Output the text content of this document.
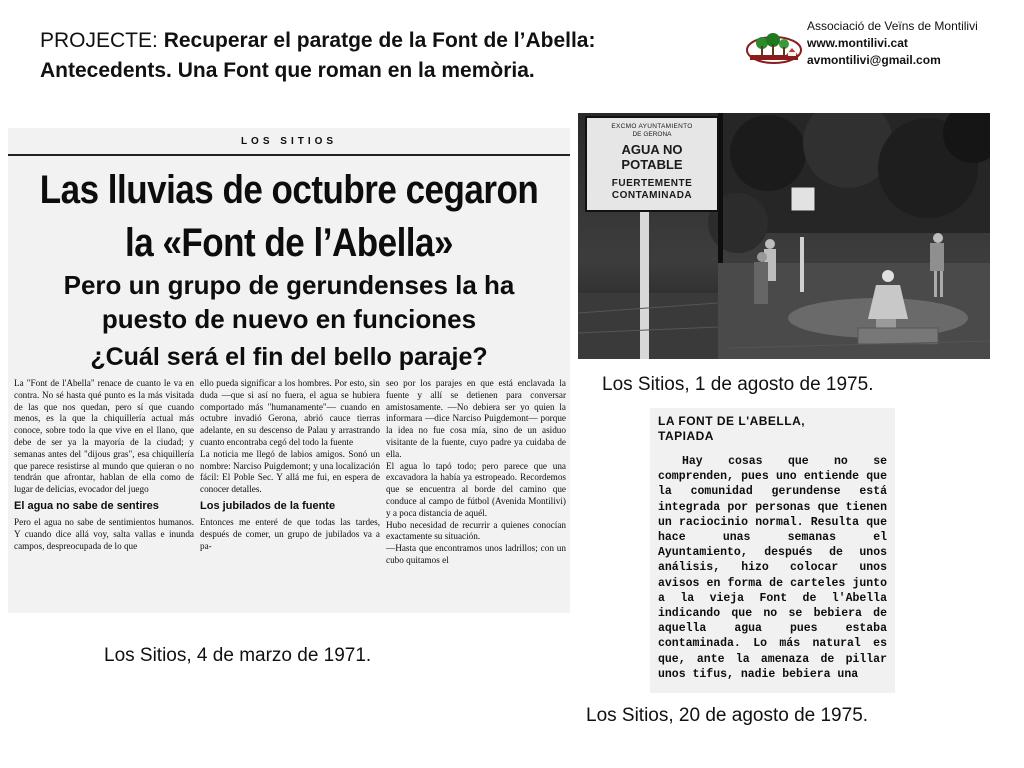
PROJECTE: Recuperar el paratge de la Font de l’Abella:
Antecedents. Una Font que roman en la memòria.
Associació de Veïns de Montilivi
www.montilivi.cat
avmontilivi@gmail.com
LOS SITIOS
Las lluvias de octubre cegaron
la «Font de l’Abella»
Pero un grupo de gerundenses la ha
puesto de nuevo en funciones
¿Cuál será el fin del bello paraje?
La "Font de l'Abella" renace de cuanto le va en contra. No sé hasta qué punto es la más visitada de las que nos quedan, pero sí que cuando menos, es la que la chiquillería actual más conoce, sobre todo la que vive en el llano, que debe de ser ya la mayoría de la ciudad; y semanas antes del "dijous gras", esa chiquillería que parece resistirse al mundo que quieran o no tendrán que afrontar, hablan de ella como de lugar de delicias, evocador del juego
El agua no sabe de sentires
Pero el agua no sabe de sentimientos humanos. Y cuando dice allá voy, salta vallas e inunda campos, despreocupada de lo que
ello pueda significar a los hombres. Por esto, sin duda —que si así no fuera, el agua se hubiera comportado más "humanamente"— cuando en octubre invadió Gerona, abrió cauce tierras adelante, en su descenso de Palau y arrastrando cuanto encontraba cegó del todo la fuente
La noticia me llegó de labios amigos. Sonó un nombre: Narciso Puigdemont; y una localización fácil: El Poble Sec. Y allá me fui, en espera de conocer detalles.
Los jubilados de la fuente
Entonces me enteré de que todas las tardes, después de comer, un grupo de jubilados va a pa-
seo por los parajes en que está enclavada la fuente y allí se detienen para conversar amistosamente. —No debiera ser yo quien la informara —dice Narciso Puigdemont— porque la idea no fue cosa mía, sino de un asiduo visitante de la fuente, cuyo padre ya cuidaba de ella.
El agua lo tapó todo; pero parece que una excavadora la había ya estropeado. Recordemos que se encuentra al borde del camino que conduce al campo de fútbol (Avenida Montilivi) y a poca distancia de aquél.
Hubo necesidad de recurrir a quienes conocían exactamente su situación.
—Hasta que encontramos unos ladrillos; con un cubo quitamos el
Los Sitios, 4 de marzo de 1971.
EXCMO AYUNTAMIENTO
DE GERONA
AGUA NO POTABLE
FUERTEMENTE
CONTAMINADA
Los Sitios, 1 de agosto de 1975.
LA FONT DE L'ABELLA,
TAPIADA
Hay cosas que no se comprenden, pues uno entiende que la comunidad gerundense está integrada por personas que tienen un raciocinio normal. Resulta que hace unas semanas el Ayuntamiento, después de unos análisis, hizo colocar unos avisos en forma de carteles junto a la vieja Font de l'Abella indicando que no se bebiera de aquella agua pues estaba contaminada. Lo más natural es que, ante la amenaza de pillar unos tifus, nadie bebiera una
Los Sitios, 20 de agosto de 1975.
